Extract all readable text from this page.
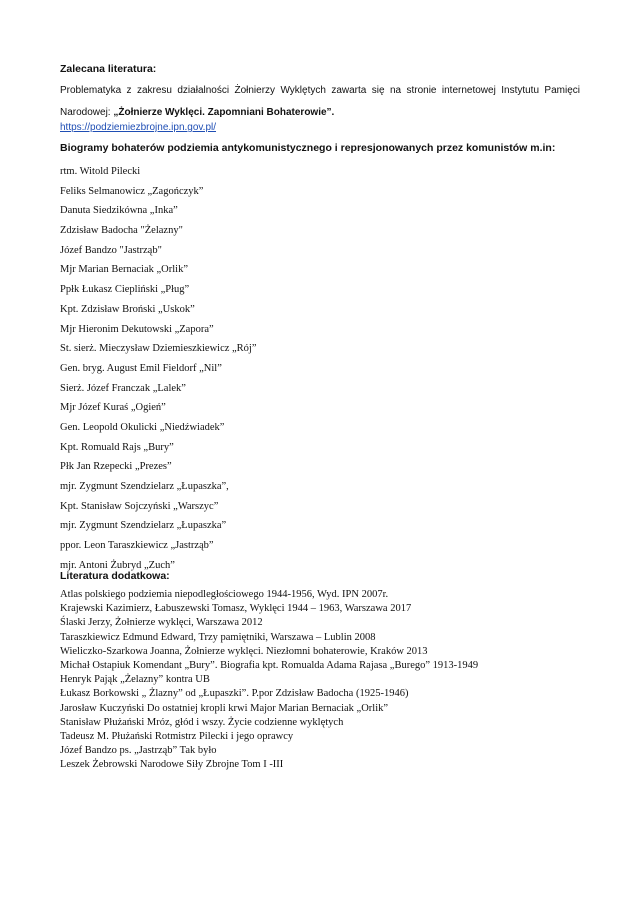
Zalecana literatura:
Problematyka z zakresu działalności Żołnierzy Wyklętych zawarta się na stronie internetowej Instytutu Pamięci Narodowej: „Żołnierze Wyklęci. Zapomniani Bohaterowie”.
https://podziemiezbrojne.ipn.gov.pl/
Biogramy bohaterów podziemia antykomunistycznego i represjonowanych przez komunistów m.in:
rtm. Witold Pilecki
Feliks Selmanowicz „Zagończyk”
Danuta Siedzikówna „Inka”
Zdzisław Badocha "Żelazny"
Józef Bandzo "Jastrząb"
Mjr Marian Bernaciak „Orlik”
Ppłk Łukasz Ciepliński „Pług”
Kpt. Zdzisław Broński „Uskok”
Mjr Hieronim Dekutowski „Zapora”
St. sierż. Mieczysław Dziemieszkiewicz „Rój”
Gen. bryg. August Emil Fieldorf „Nil”
Sierż. Józef Franczak „Lalek”
Mjr Józef Kuraś „Ogień”
Gen. Leopold Okulicki „Niedźwiadek”
Kpt. Romuald Rajs „Bury”
Płk Jan Rzepecki „Prezes”
mjr. Zygmunt Szendzielarz „Łupaszka”,
Kpt. Stanisław Sojczyński „Warszyc”
mjr. Zygmunt Szendzielarz „Łupaszka”
ppor. Leon Taraszkiewicz „Jastrząb”
mjr. Antoni Żubryd „Zuch”
Literatura dodatkowa:
Atlas polskiego podziemia niepodległościowego 1944-1956, Wyd. IPN 2007r.
Krajewski Kazimierz, Łabuszewski Tomasz, Wyklęci 1944 – 1963, Warszawa 2017
Ślaski Jerzy, Żołnierze wyklęci, Warszawa 2012
Taraszkiewicz Edmund Edward, Trzy pamiętniki, Warszawa – Lublin 2008
Wieliczko-Szarkowa Joanna, Żołnierze wyklęci. Niezłomni bohaterowie, Kraków 2013
Michał Ostapiuk Komendant „Bury”. Biografia kpt. Romualda Adama Rajasa „Burego” 1913-1949
Henryk Pająk „Żelazny” kontra UB
Łukasz Borkowski „ Żlazny” od „Łupaszki”. P.por Zdzisław Badocha (1925-1946)
Jarosław Kuczyński Do ostatniej kropli krwi Major Marian Bernaciak „Orlik”
Stanisław Płużański Mróz, głód i wszy. Życie codzienne wyklętych
Tadeusz M. Płużański Rotmistrz Pilecki i jego oprawcy
Józef Bandzo ps. „Jastrząb” Tak było
Leszek Żebrowski Narodowe Siły Zbrojne Tom I -III
